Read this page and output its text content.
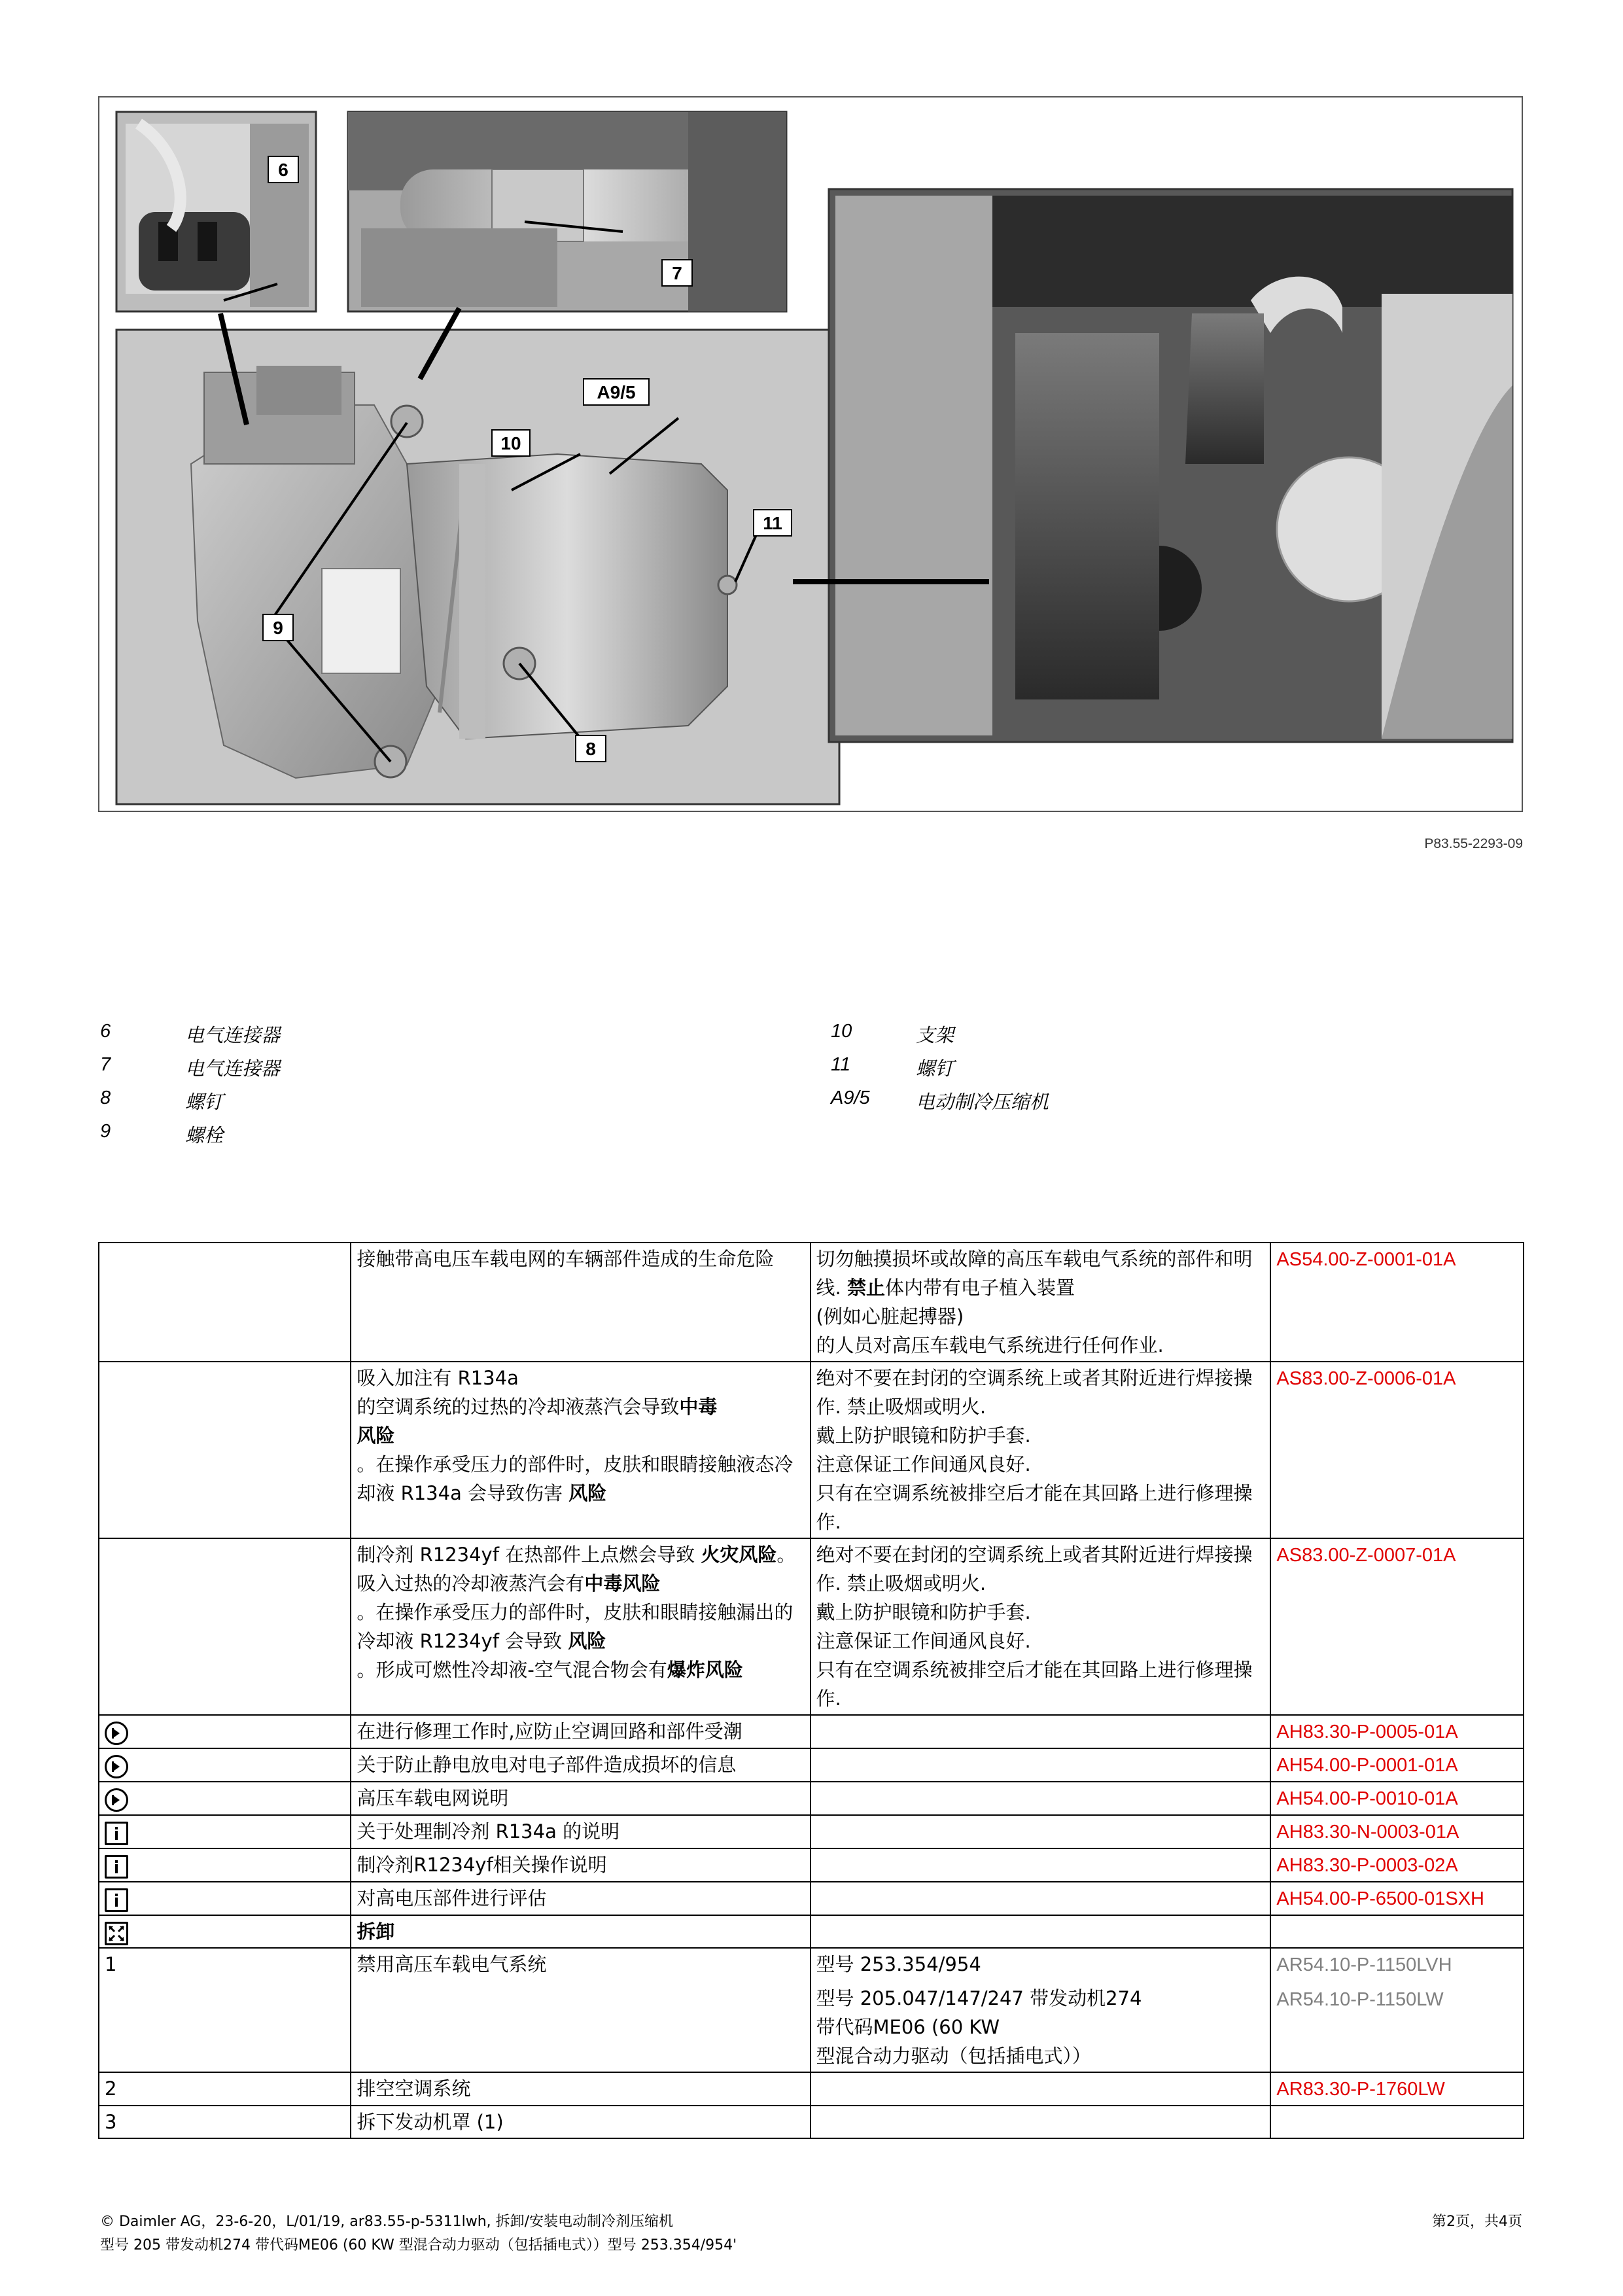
6
7
A9/5
10
11
9
8
P83.55-2293-09
6	电气连接器
7	电气连接器
8	螺钉
9	螺栓
10	支架
11	螺钉
A9/5 电动制冷压缩机
	接触带高电压车载电网的车辆部件造成的生命危险	切勿触摸损坏或故障的高压车载电气系统的部件和明线. 禁止体内带有电子植入装置
(例如心脏起搏器)
的人员对高压车载电气系统进行任何作业.	AS54.00-Z-0001-01A
	吸入加注有 R134a
的空调系统的过热的冷却液蒸汽会导致中毒
风险
。在操作承受压力的部件时，皮肤和眼睛接触液态冷却液 R134a 会导致伤害 风险	绝对不要在封闭的空调系统上或者其附近进行焊接操作. 禁止吸烟或明火.
戴上防护眼镜和防护手套.
注意保证工作间通风良好.
只有在空调系统被排空后才能在其回路上进行修理操作.	AS83.00-Z-0006-01A
	制冷剂 R1234yf 在热部件上点燃会导致 火灾风险。吸入过热的冷却液蒸汽会有中毒风险
。在操作承受压力的部件时，皮肤和眼睛接触漏出的冷却液 R1234yf 会导致 风险
。形成可燃性冷却液-空气混合物会有爆炸风险	绝对不要在封闭的空调系统上或者其附近进行焊接操作. 禁止吸烟或明火.
戴上防护眼镜和防护手套.
注意保证工作间通风良好.
只有在空调系统被排空后才能在其回路上进行修理操作.	AS83.00-Z-0007-01A

	在进行修理工作时,应防止空调回路和部件受潮		AH83.30-P-0005-01A

	关于防止静电放电对电子部件造成损坏的信息		AH54.00-P-0001-01A

	高压车载电网说明		AH54.00-P-0010-01A

	关于处理制冷剂 R134a 的说明		AH83.30-N-0003-01A

	制冷剂R1234yf相关操作说明		AH83.30-P-0003-02A

	对高电压部件进行评估		AH54.00-P-6500-01SXH

	拆卸		
1	禁用高压车载电气系统	型号 253.354/954

型号 205.047/147/247 带发动机274
带代码ME06 (60 KW
型混合动力驱动（包括插电式））	AR54.10-P-1150LVH

AR54.10-P-1150LW
2	排空空调系统		AR83.30-P-1760LW
3	拆下发动机罩 (1)		
© Daimler AG，23-6-20，L/01/19, ar83.55-p-5311lwh, 拆卸/安装电动制冷剂压缩机
型号 205 带发动机274 带代码ME06 (60 KW 型混合动力驱动（包括插电式））型号 253.354/954'
第2页，共4页
